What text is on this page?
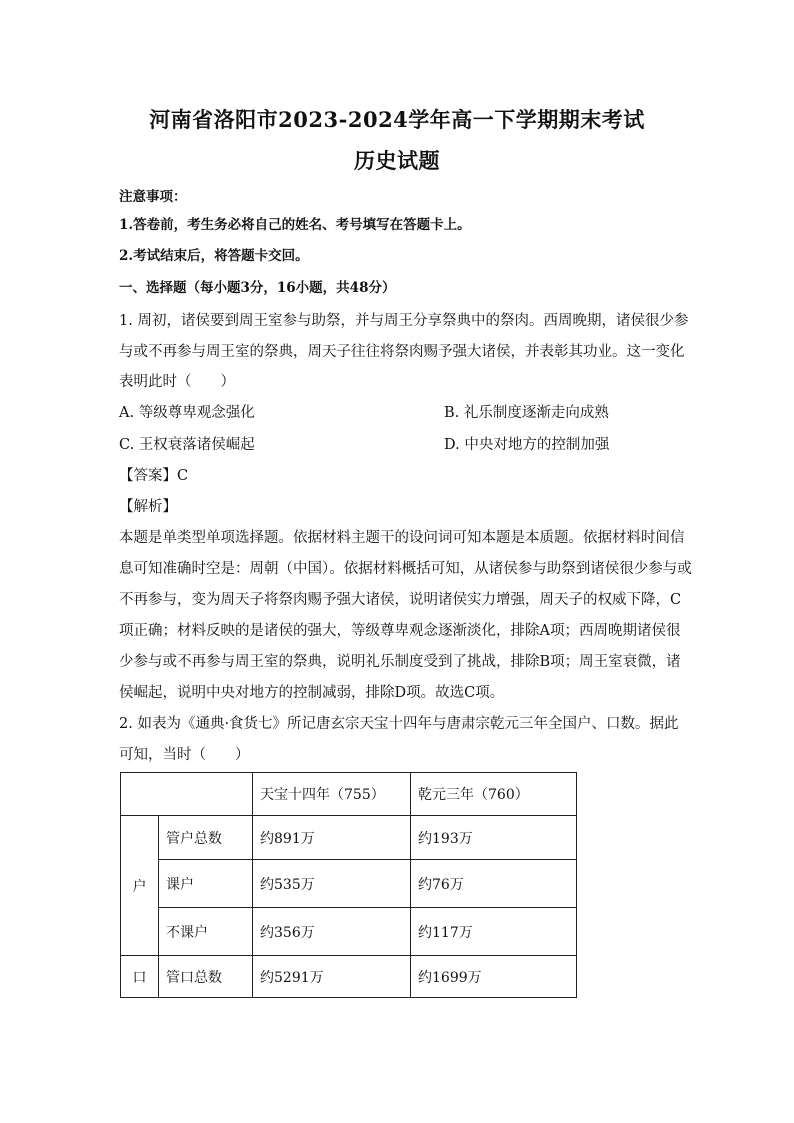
河南省洛阳市2023-2024学年高一下学期期末考试
历史试题
注意事项：
1.答卷前，考生务必将自己的姓名、考号填写在答题卡上。
2.考试结束后，将答题卡交回。
一、选择题（每小题3分，16小题，共48分）
1. 周初，诸侯要到周王室参与助祭，并与周王分享祭典中的祭肉。西周晚期，诸侯很少参
与或不再参与周王室的祭典，周天子往往将祭肉赐予强大诸侯，并表彰其功业。这一变化
表明此时（　　）
A. 等级尊卑观念强化	B. 礼乐制度逐渐走向成熟
C. 王权衰落诸侯崛起	D. 中央对地方的控制加强
【答案】C
【解析】
本题是单类型单项选择题。依据材料主题干的设问词可知本题是本质题。依据材料时间信
息可知准确时空是：周朝（中国）。依据材料概括可知，从诸侯参与助祭到诸侯很少参与或
不再参与，变为周天子将祭肉赐予强大诸侯，说明诸侯实力增强，周天子的权威下降，C
项正确；材料反映的是诸侯的强大，等级尊卑观念逐渐淡化，排除A项；西周晚期诸侯很
少参与或不再参与周王室的祭典，说明礼乐制度受到了挑战，排除B项；周王室衰微，诸
侯崛起，说明中央对地方的控制减弱，排除D项。故选C项。
2. 如表为《通典·食货七》所记唐玄宗天宝十四年与唐肃宗乾元三年全国户、口数。据此
可知，当时（　　）
		天宝十四年（755）	乾元三年（760）
户	管户总数	约891万	约193万
	课户	约535万	约76万
	不课户	约356万	约117万
口	管口总数	约5291万	约1699万
